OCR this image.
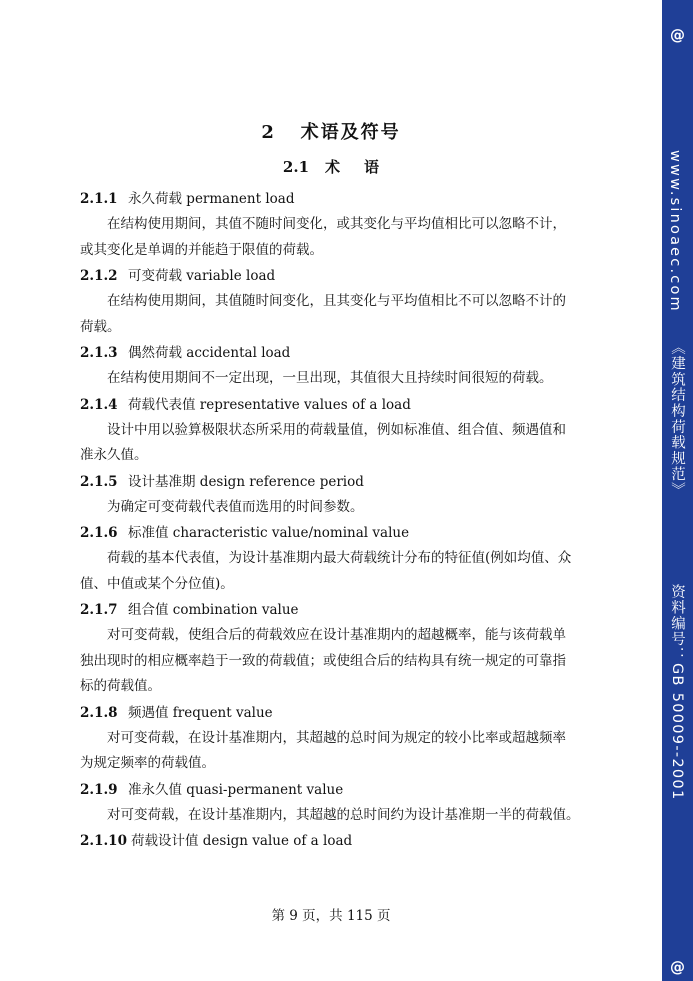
2 术语及符号
2.1 术 语
2.1.1 永久荷载 permanent load

在结构使用期间，其值不随时间变化，或其变化与平均值相比可以忽略不计，

或其变化是单调的并能趋于限值的荷载。

2.1.2 可变荷载 variable load

在结构使用期间，其值随时间变化，且其变化与平均值相比不可以忽略不计的

荷载。

2.1.3 偶然荷载 accidental load

在结构使用期间不一定出现，一旦出现，其值很大且持续时间很短的荷载。

2.1.4 荷载代表值 representative values of a load

设计中用以验算极限状态所采用的荷载量值，例如标准值、组合值、频遇值和

准永久值。

2.1.5 设计基准期 design reference period

为确定可变荷载代表值而选用的时间参数。

2.1.6 标准值 characteristic value/nominal value

荷载的基本代表值，为设计基准期内最大荷载统计分布的特征值(例如均值、众

值、中值或某个分位值)。

2.1.7 组合值 combination value

对可变荷载，使组合后的荷载效应在设计基准期内的超越概率，能与该荷载单

独出现时的相应概率趋于一致的荷载值；或使组合后的结构具有统一规定的可靠指

标的荷载值。

2.1.8 频遇值 frequent value

对可变荷载，在设计基准期内，其超越的总时间为规定的较小比率或超越频率

为规定频率的荷载值。

2.1.9 准永久值 quasi-permanent value

对可变荷载，在设计基准期内，其超越的总时间约为设计基准期一半的荷载值。

2.1.10 荷载设计值 design value of a load
第 9 页，共 115 页
@
www.sinoaec.com
《建筑结构荷载规范》
资料编号：GB 50009--2001
@
